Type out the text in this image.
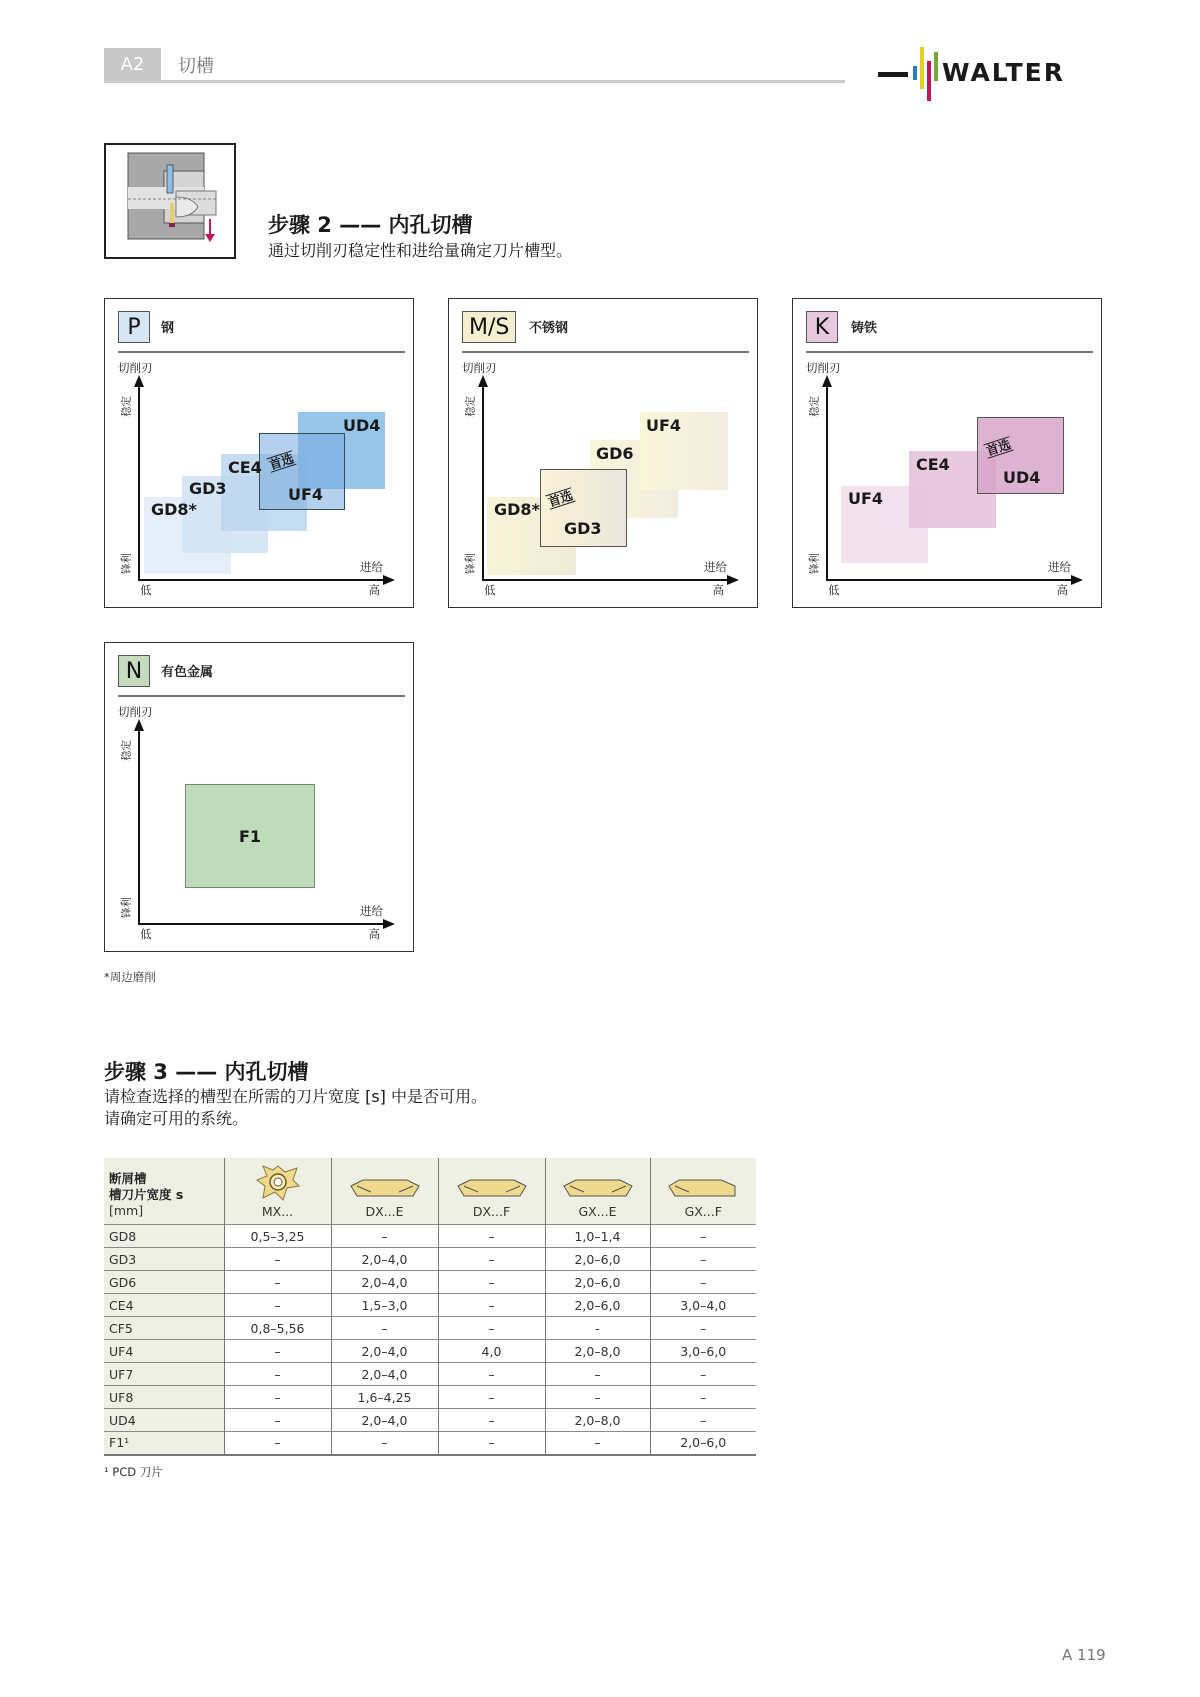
A2	切槽	WALTER
步骤 2 —— 内孔切槽
通过切削刃稳定性和进给量确定刀片槽型。
P	钢
切削刃
稳定
锋利
GD8*
GD3
CE4
UF4
UD4
首选
进给
低	高
M/S	不锈钢
切削刃
稳定
锋利
GD8*
GD3
GD6
UF4
首选
进给
低	高
K	铸铁
切削刃
稳定
锋利
UF4
CE4
UD4
首选
进给
低	高
N	有色金属
切削刃
稳定
锋利
F1
进给
低	高
*周边磨削
步骤 3 —— 内孔切槽
请检查选择的槽型在所需的刀片宽度 [s] 中是否可用。
请确定可用的系统。
断屑槽
槽刀片宽度 s
[mm]	MX...	DX...E	DX...F	GX...E	GX...F

GD8	0,5–3,25	–	–	1,0–1,4	–
GD3	–	2,0–4,0	–	2,0–6,0	–
GD6	–	2,0–4,0	–	2,0–6,0	–
CE4	–	1,5–3,0	–	2,0–6,0	3,0–4,0
CF5	0,8–5,56	–	–	-	–
UF4	–	2,0–4,0	4,0	2,0–8,0	3,0–6,0
UF7	–	2,0–4,0	–	–	–
UF8	–	1,6–4,25	–	–	–
UD4	–	2,0–4,0	–	2,0–8,0	–
F1¹	–	–	–	–	2,0–6,0
¹ PCD 刀片
A 119
